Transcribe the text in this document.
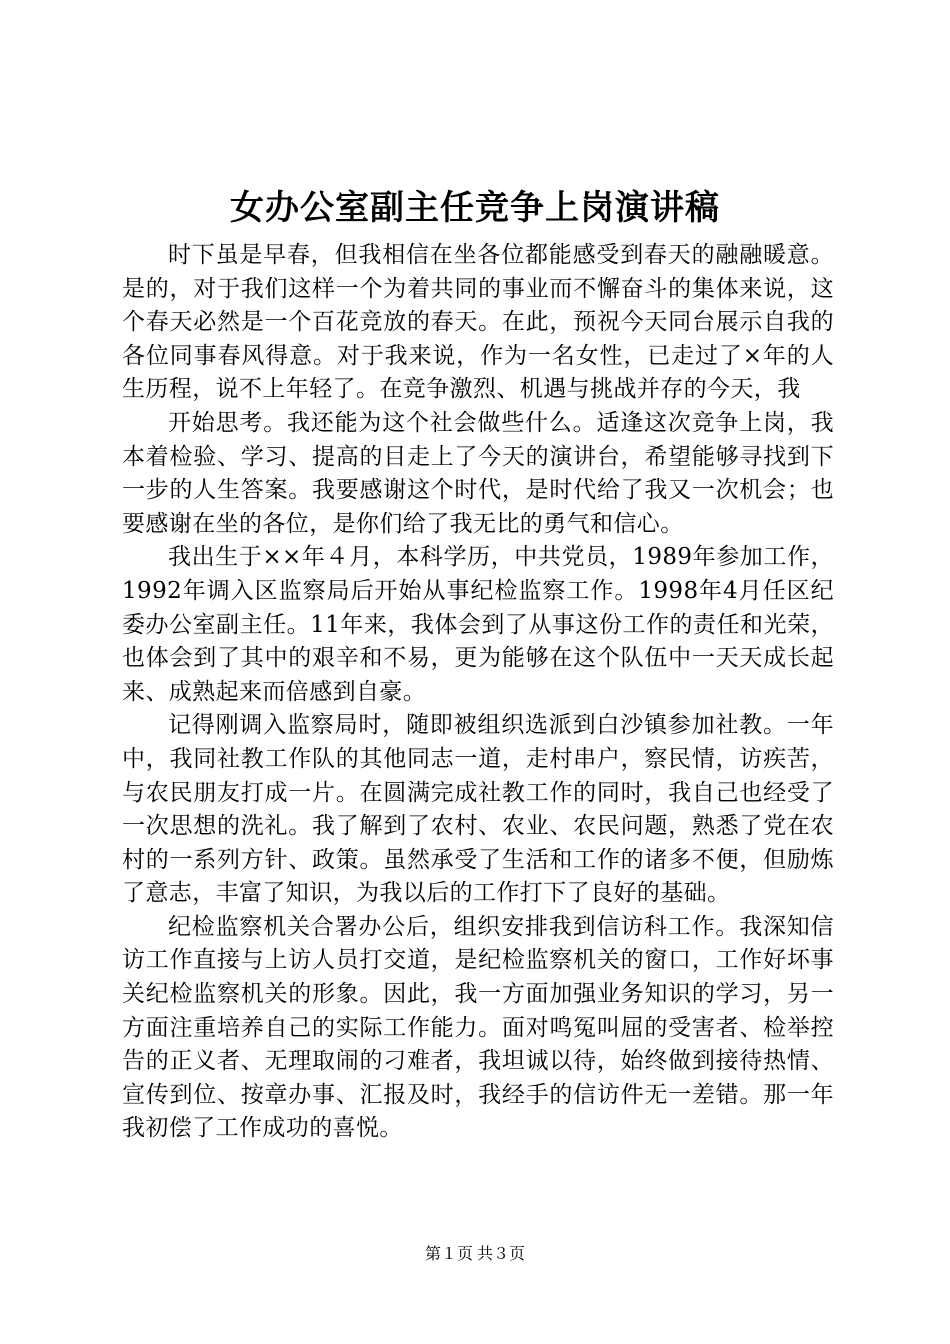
女办公室副主任竞争上岗演讲稿

时下虽是早春，但我相信在坐各位都能感受到春天的融融暖意。是的，对于我们这样一个为着共同的事业而不懈奋斗的集体来说，这个春天必然是一个百花竞放的春天。在此，预祝今天同台展示自我的各位同事春风得意。对于我来说，作为一名女性，已走过了×年的人生历程，说不上年轻了。在竞争激烈、机遇与挑战并存的今天，我

开始思考。我还能为这个社会做些什么。适逢这次竞争上岗，我本着检验、学习、提高的目走上了今天的演讲台，希望能够寻找到下一步的人生答案。我要感谢这个时代，是时代给了我又一次机会；也要感谢在坐的各位，是你们给了我无比的勇气和信心。

我出生于××年４月，本科学历，中共党员，1989年参加工作，1992年调入区监察局后开始从事纪检监察工作。1998年4月任区纪委办公室副主任。11年来，我体会到了从事这份工作的责任和光荣，也体会到了其中的艰辛和不易，更为能够在这个队伍中一天天成长起来、成熟起来而倍感到自豪。

记得刚调入监察局时，随即被组织选派到白沙镇参加社教。一年中，我同社教工作队的其他同志一道，走村串户，察民情，访疾苦，与农民朋友打成一片。在圆满完成社教工作的同时，我自己也经受了一次思想的洗礼。我了解到了农村、农业、农民问题，熟悉了党在农村的一系列方针、政策。虽然承受了生活和工作的诸多不便，但励炼了意志，丰富了知识，为我以后的工作打下了良好的基础。

纪检监察机关合署办公后，组织安排我到信访科工作。我深知信访工作直接与上访人员打交道，是纪检监察机关的窗口，工作好坏事关纪检监察机关的形象。因此，我一方面加强业务知识的学习，另一方面注重培养自己的实际工作能力。面对鸣冤叫屈的受害者、检举控告的正义者、无理取闹的刁难者，我坦诚以待，始终做到接待热情、宣传到位、按章办事、汇报及时，我经手的信访件无一差错。那一年我初偿了工作成功的喜悦。

第１页 共３页
